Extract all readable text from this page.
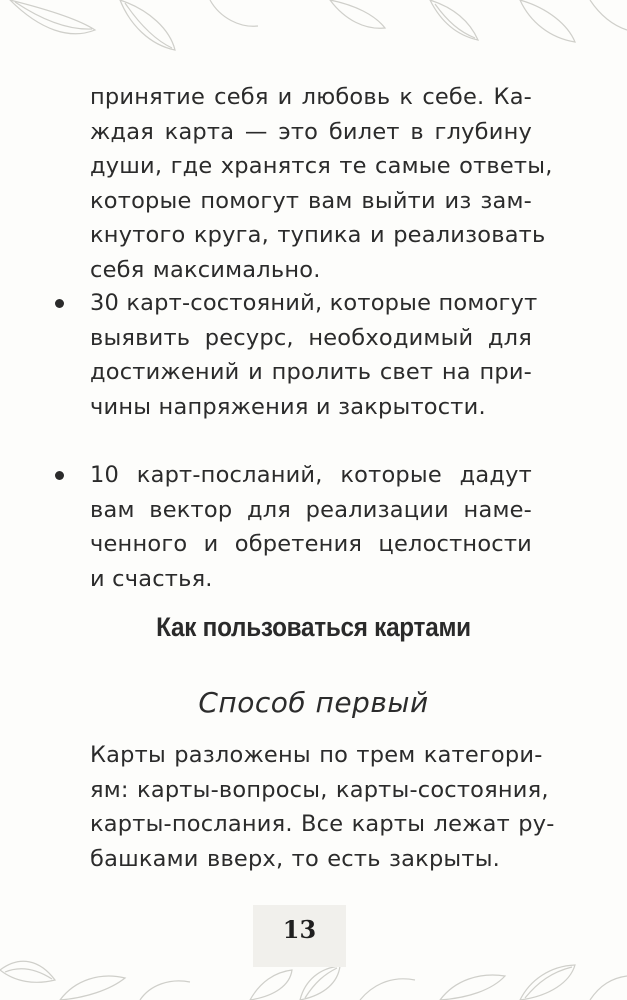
принятие себя и любовь к себе. Ка-
ждая карта — это билет в глубину
души, где хранятся те самые ответы,
которые помогут вам выйти из зам-
кнутого круга, тупика и реализовать
себя максимально.
30 карт-состояний, которые помогут
выявить ресурс, необходимый для
достижений и пролить свет на при-
чины напряжения и закрытости.
10 карт-посланий, которые дадут
вам вектор для реализации наме-
ченного и обретения целостности
и счастья.
Как пользоваться картами
Способ первый
Карты разложены по трем категори-
ям: карты-вопросы, карты-состояния,
карты-послания. Все карты лежат ру-
башками вверх, то есть закрыты.
13
